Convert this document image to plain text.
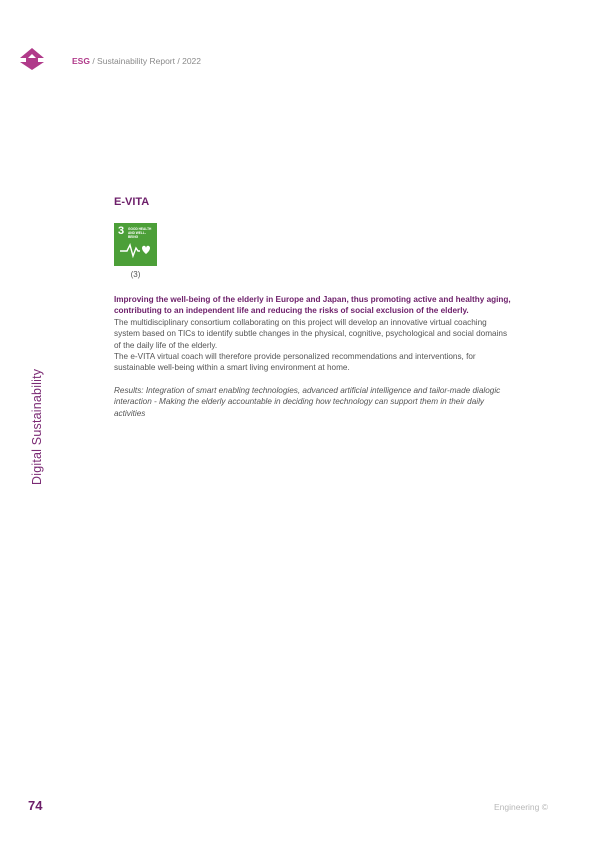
ESG / Sustainability Report / 2022
Digital Sustainability
E-VITA
3 GOOD HEALTH AND WELL-BEING
(3)

Improving the well-being of the elderly in Europe and Japan, thus promoting active and healthy aging, contributing to an independent life and reducing the risks of social exclusion of the elderly.

The multidisciplinary consortium collaborating on this project will develop an innovative virtual coaching system based on TICs to identify subtle changes in the physical, cognitive, psychological and social domains of the daily life of the elderly.

The e-VITA virtual coach will therefore provide personalized recommendations and interventions, for sustainable well-being within a smart living environment at home.

Results: Integration of smart enabling technologies, advanced artificial intelligence and tailor-made dialogic interaction - Making the elderly accountable in deciding how technology can support them in their daily activities

74	Engineering ©
